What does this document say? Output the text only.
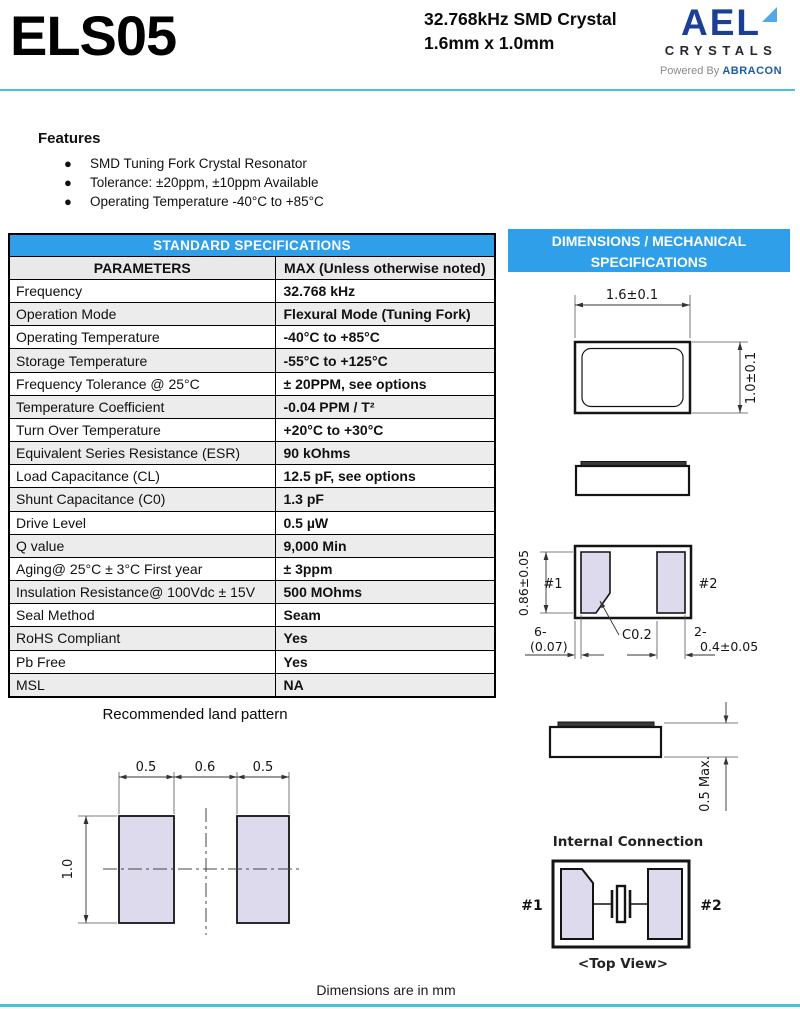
ELS05	32.768kHz SMD Crystal
1.6mm x 1.0mm	AEL
CRYSTALS
Powered By ABRACON
Features
● SMD Tuning Fork Crystal Resonator
● Tolerance: ±20ppm, ±10ppm Available
● Operating Temperature -40°C to +85°C
STANDARD SPECIFICATIONS	
PARAMETERS	MAX (Unless otherwise noted)
Frequency	32.768 kHz
Operation Mode	Flexural Mode (Tuning Fork)
Operating Temperature	-40°C to +85°C
Storage Temperature	-55°C to +125°C
Frequency Tolerance @ 25°C	± 20PPM, see options
Temperature Coefficient	-0.04 PPM / T²
Turn Over Temperature	+20°C to +30°C
Equivalent Series Resistance (ESR)	90 kOhms
Load Capacitance (CL)	12.5 pF, see options
Shunt Capacitance (C0)	1.3 pF
Drive Level	0.5 µW
Q value	9,000 Min
Aging@ 25°C ± 3°C First year	± 3ppm
Insulation Resistance@ 100Vdc ± 15V	500 MOhms
Seal Method	Seam
RoHS Compliant	Yes
Pb Free	Yes
MSL	NA
DIMENSIONS / MECHANICAL
SPECIFICATIONS
1.6±0.1
1.0±0.1
#1	#2
0.86±0.05
6-
(0.07)
2-
0.4±0.05
C0.2
0.5 Max.
Internal Connection
#1	#2
<Top View>
Recommended land pattern
0.5	0.6	0.5
1.0
Dimensions are in mm
